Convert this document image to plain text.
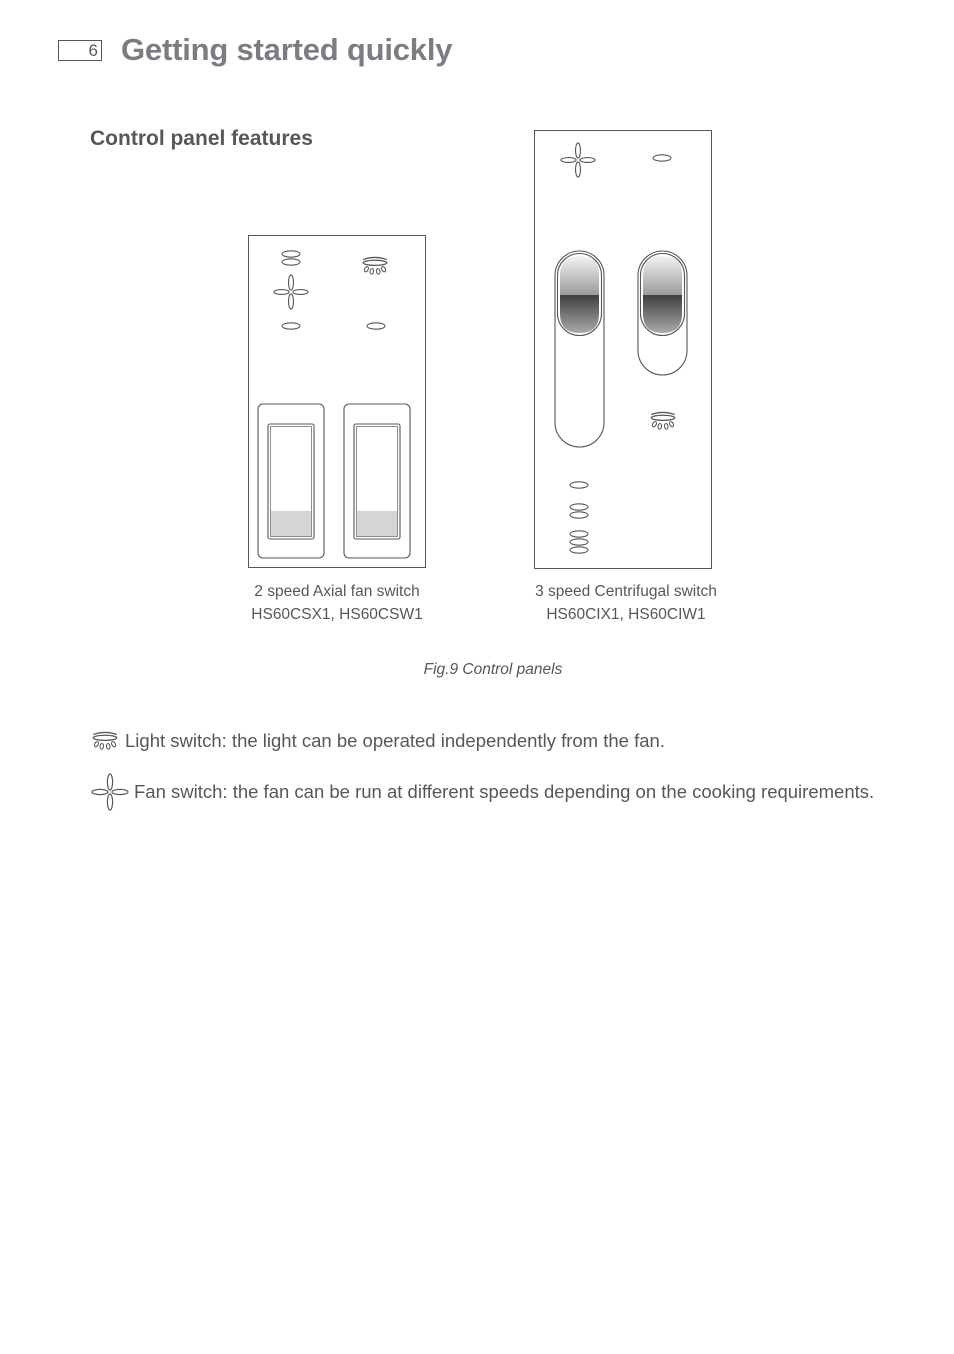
6 Getting started quickly
Control panel features
2 speed Axial fan switch
HS60CSX1, HS60CSW1
3 speed Centrifugal switch
HS60CIX1, HS60CIW1
Fig.9 Control panels
Light switch: the light can be operated independently from the fan.
Fan switch: the fan can be run at different speeds depending on the cooking requirements.
